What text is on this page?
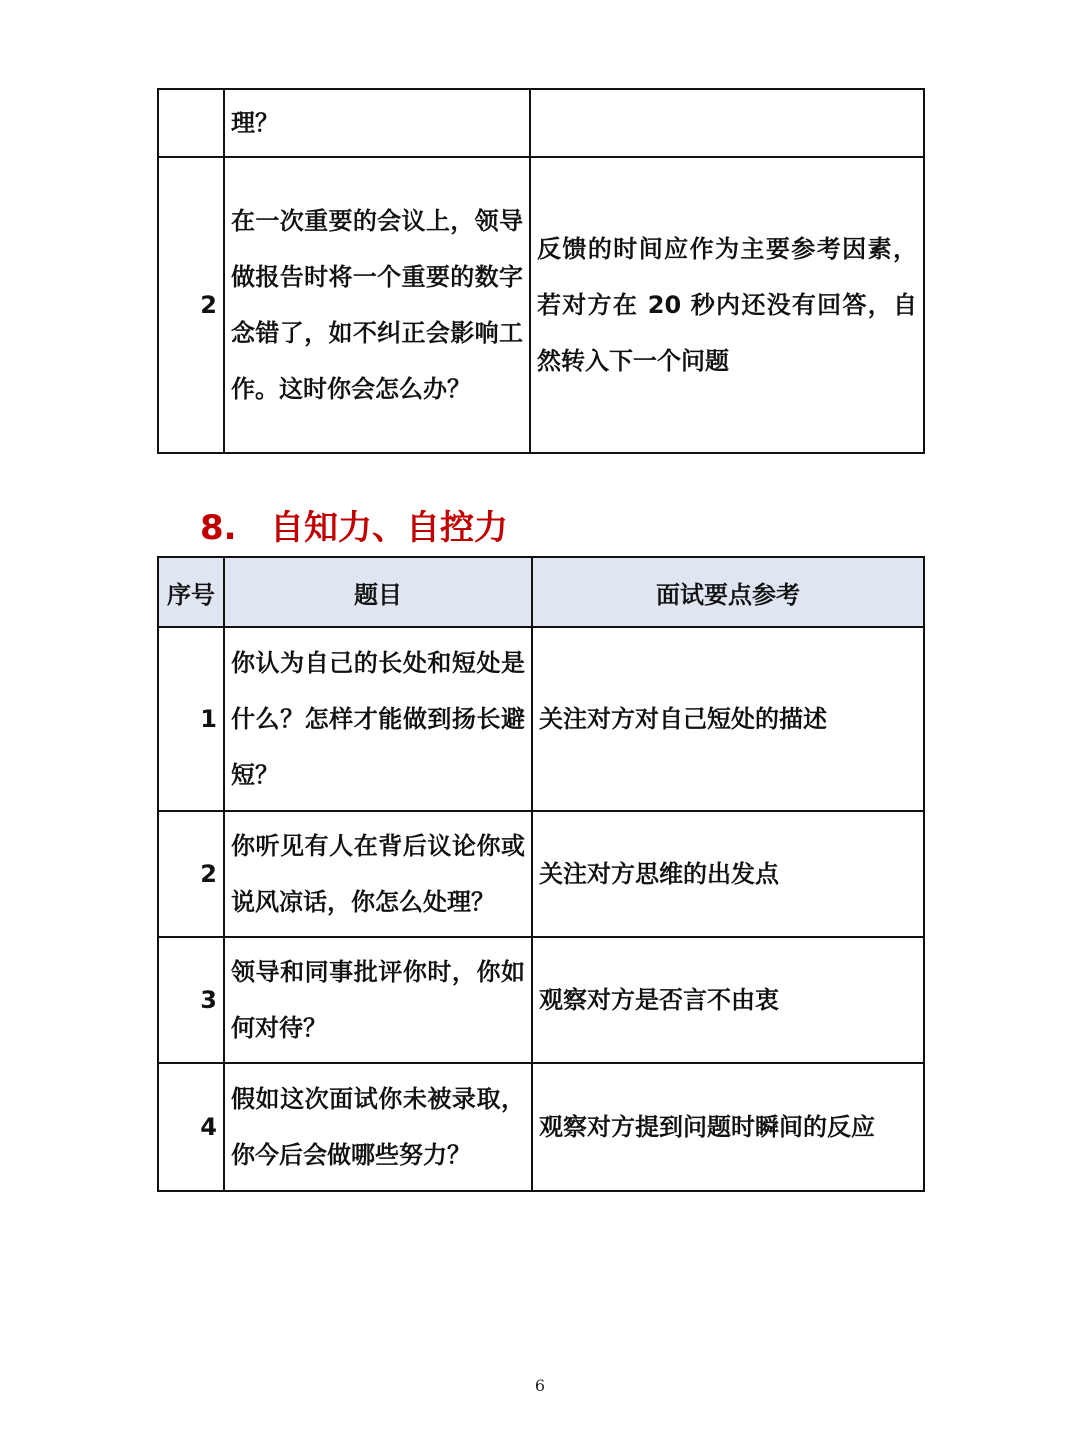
	理？	
2	在一次重要的会议上，领导做报告时将一个重要的数字念错了，如不纠正会影响工作。这时你会怎么办？	反馈的时间应作为主要参考因素，若对方在 20 秒内还没有回答，自然转入下一个问题
8. 自知力、自控力
序号	题目	面试要点参考
1	你认为自己的长处和短处是什么？怎样才能做到扬长避短？	关注对方对自己短处的描述
2	你听见有人在背后议论你或说风凉话，你怎么处理？	关注对方思维的出发点
3	领导和同事批评你时，你如何对待？	观察对方是否言不由衷
4	假如这次面试你未被录取，你今后会做哪些努力？	观察对方提到问题时瞬间的反应
6
